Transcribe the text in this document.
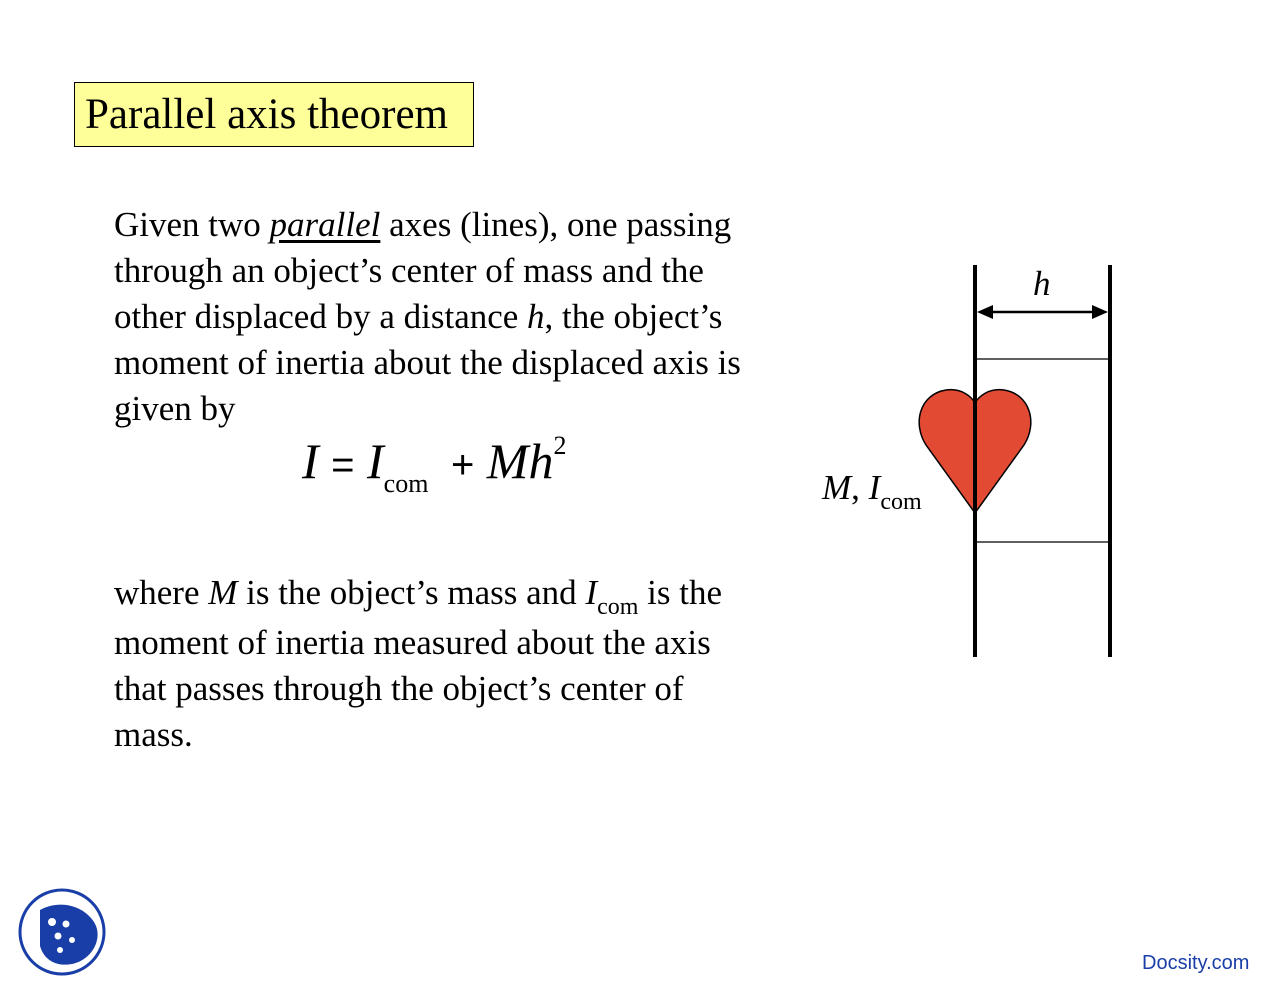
Parallel axis theorem
Given two parallel axes (lines), one passing
through an object’s center of mass and the
other displaced by a distance h, the object’s
moment of inertia about the displaced axis is
given by
$I = I_{com} + Mh^2$
where M is the object’s mass and $I_{com}$ is the
moment of inertia measured about the axis
that passes through the object’s center of
mass.
h
M, $I_{com}$
Docsity.com
